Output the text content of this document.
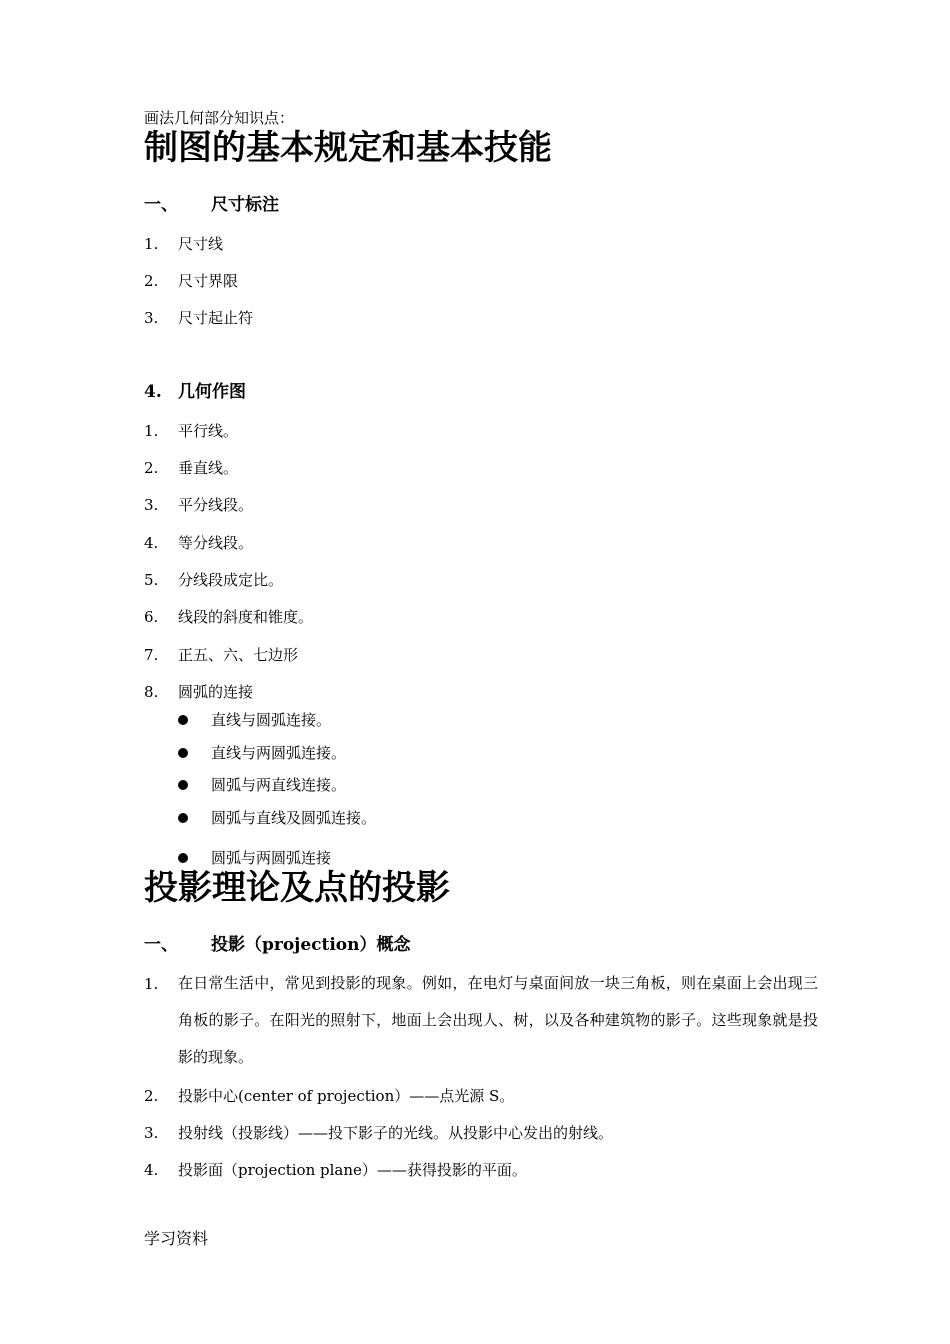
画法几何部分知识点：
制图的基本规定和基本技能
一、 尺寸标注
1. 尺寸线
2. 尺寸界限
3. 尺寸起止符
4. 几何作图
1. 平行线。
2. 垂直线。
3. 平分线段。
4. 等分线段。
5. 分线段成定比。
6. 线段的斜度和锥度。
7. 正五、六、七边形
8. 圆弧的连接
直线与圆弧连接。
直线与两圆弧连接。
圆弧与两直线连接。
圆弧与直线及圆弧连接。
圆弧与两圆弧连接
投影理论及点的投影
一、 投影（projection）概念
1. 在日常生活中，常见到投影的现象。例如，在电灯与桌面间放一块三角板，则在桌面上会出现三角板的影子。在阳光的照射下，地面上会出现人、树，以及各种建筑物的影子。这些现象就是投影的现象。
2. 投影中心(center of projection）——点光源 S。
3. 投射线（投影线）——投下影子的光线。从投影中心发出的射线。
4. 投影面（projection plane）——获得投影的平面。
学习资料
